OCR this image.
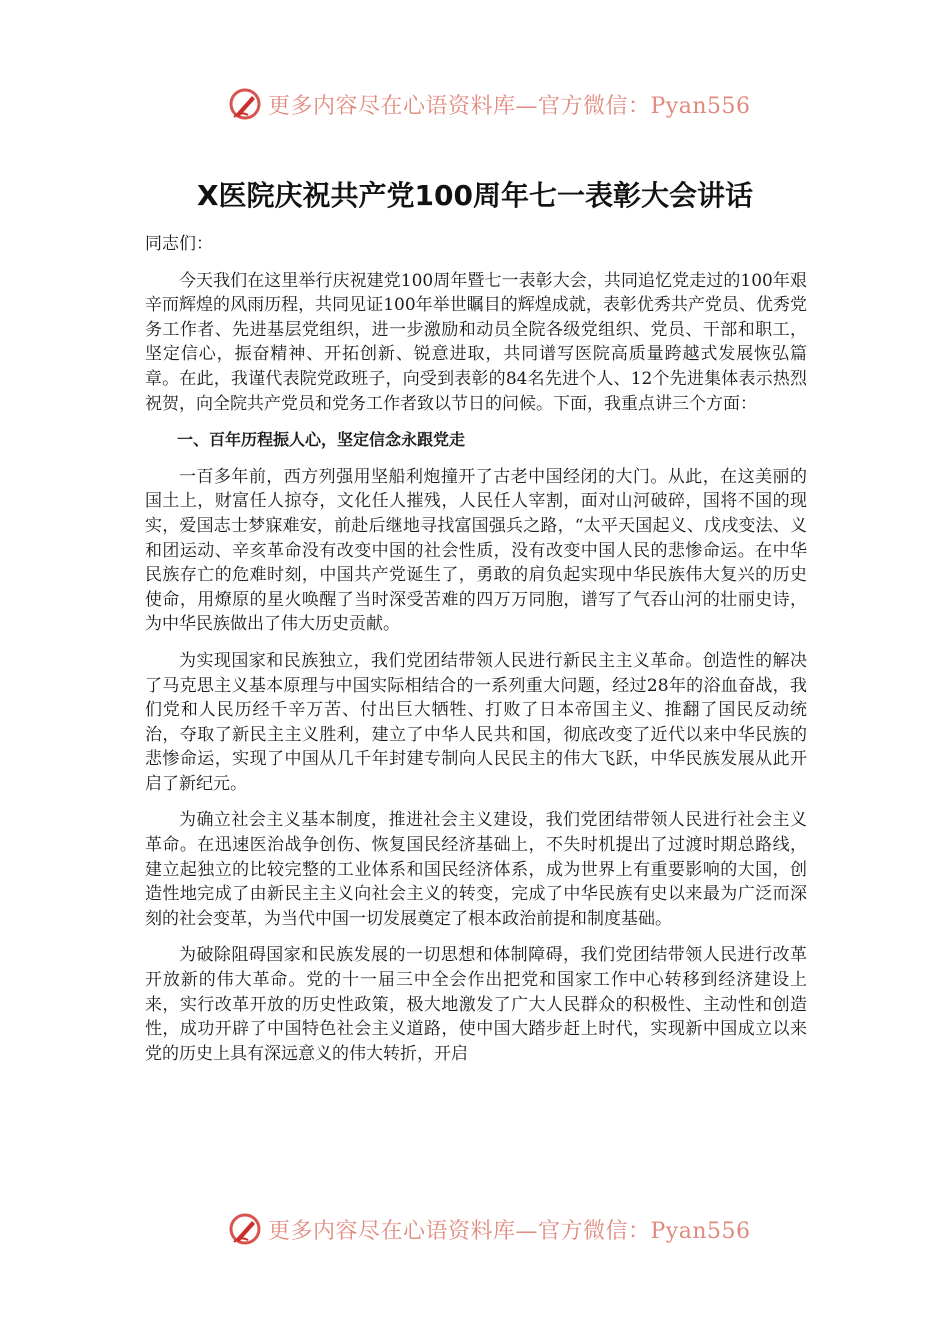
更多内容尽在心语资料库—官方微信：Pyan556
X医院庆祝共产党100周年七一表彰大会讲话

同志们：

今天我们在这里举行庆祝建党100周年暨七一表彰大会，共同追忆党走过的100年艰辛而辉煌的风雨历程，共同见证100年举世瞩目的辉煌成就，表彰优秀共产党员、优秀党务工作者、先进基层党组织，进一步激励和动员全院各级党组织、党员、干部和职工，坚定信心，振奋精神、开拓创新、锐意进取，共同谱写医院高质量跨越式发展恢弘篇章。在此，我谨代表院党政班子，向受到表彰的84名先进个人、12个先进集体表示热烈祝贺，向全院共产党员和党务工作者致以节日的问候。下面，我重点讲三个方面：

一、百年历程振人心，坚定信念永跟党走

一百多年前，西方列强用坚船利炮撞开了古老中国经闭的大门。从此，在这美丽的国土上，财富任人掠夺，文化任人摧残，人民任人宰割，面对山河破碎，国将不国的现实，爱国志士梦寐难安，前赴后继地寻找富国强兵之路，“太平天国起义、戊戌变法、义和团运动、辛亥革命没有改变中国的社会性质，没有改变中国人民的悲惨命运。在中华民族存亡的危难时刻，中国共产党诞生了，勇敢的肩负起实现中华民族伟大复兴的历史使命，用燎原的星火唤醒了当时深受苦难的四万万同胞，谱写了气吞山河的壮丽史诗，为中华民族做出了伟大历史贡献。

为实现国家和民族独立，我们党团结带领人民进行新民主主义革命。创造性的解决了马克思主义基本原理与中国实际相结合的一系列重大问题，经过28年的浴血奋战，我们党和人民历经千辛万苦、付出巨大牺牲、打败了日本帝国主义、推翻了国民反动统治，夺取了新民主主义胜利，建立了中华人民共和国，彻底改变了近代以来中华民族的悲惨命运，实现了中国从几千年封建专制向人民民主的伟大飞跃，中华民族发展从此开启了新纪元。

为确立社会主义基本制度，推进社会主义建设，我们党团结带领人民进行社会主义革命。在迅速医治战争创伤、恢复国民经济基础上，不失时机提出了过渡时期总路线，建立起独立的比较完整的工业体系和国民经济体系，成为世界上有重要影响的大国，创造性地完成了由新民主主义向社会主义的转变，完成了中华民族有史以来最为广泛而深刻的社会变革，为当代中国一切发展奠定了根本政治前提和制度基础。

为破除阻碍国家和民族发展的一切思想和体制障碍，我们党团结带领人民进行改革开放新的伟大革命。党的十一届三中全会作出把党和国家工作中心转移到经济建设上来，实行改革开放的历史性政策，极大地激发了广大人民群众的积极性、主动性和创造性，成功开辟了中国特色社会主义道路，使中国大踏步赶上时代，实现新中国成立以来党的历史上具有深远意义的伟大转折，开启

更多内容尽在心语资料库—官方微信：Pyan556
